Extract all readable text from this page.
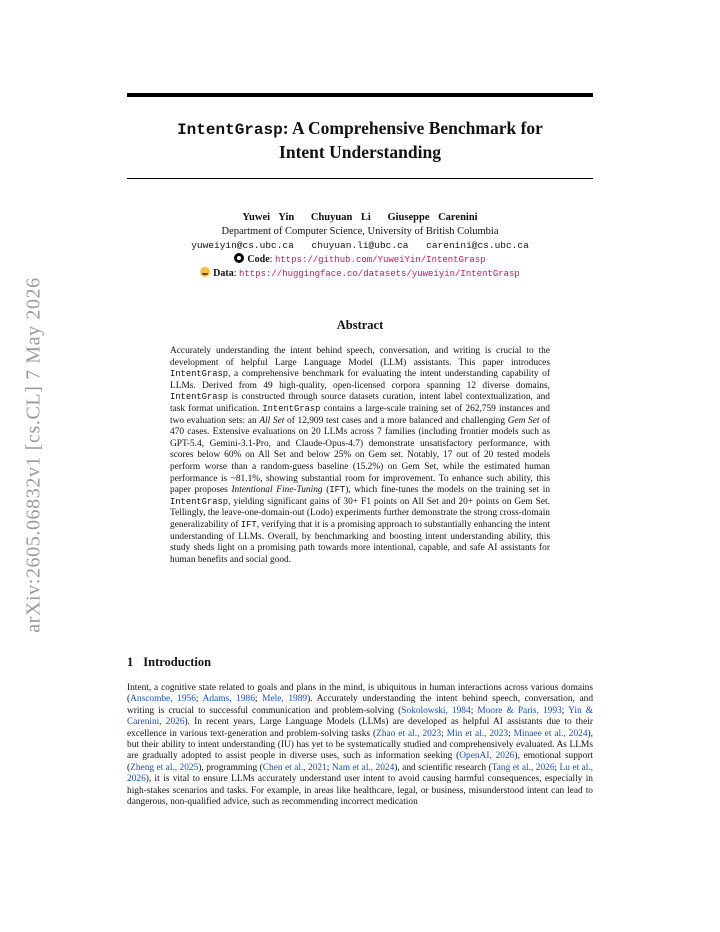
arXiv:2605.06832v1 [cs.CL] 7 May 2026
IntentGrasp: A Comprehensive Benchmark for
Intent Understanding
Yuwei Yin Chuyuan Li Giuseppe Carenini
Department of Computer Science, University of British Columbia
yuweiyin@cs.ubc.ca chuyuan.li@ubc.ca carenini@cs.ubc.ca
Code: https://github.com/YuweiYin/IntentGrasp
Data: https://huggingface.co/datasets/yuweiyin/IntentGrasp
Abstract

Accurately understanding the intent behind speech, conversation, and writing is crucial to the development of helpful Large Language Model (LLM) assistants. This paper introduces IntentGrasp, a comprehensive benchmark for evaluating the intent understanding capability of LLMs. Derived from 49 high-quality, open-licensed corpora spanning 12 diverse domains, IntentGrasp is constructed through source datasets curation, intent label contextualization, and task format unification. IntentGrasp contains a large-scale training set of 262,759 instances and two evaluation sets: an All Set of 12,909 test cases and a more balanced and challenging Gem Set of 470 cases. Extensive evaluations on 20 LLMs across 7 families (including frontier models such as GPT-5.4, Gemini-3.1-Pro, and Claude-Opus-4.7) demonstrate unsatisfactory performance, with scores below 60% on All Set and below 25% on Gem set. Notably, 17 out of 20 tested models perform worse than a random-guess baseline (15.2%) on Gem Set, while the estimated human performance is ~81.1%, showing substantial room for improvement. To enhance such ability, this paper proposes Intentional Fine-Tuning (IFT), which fine-tunes the models on the training set in IntentGrasp, yielding significant gains of 30+ F1 points on All Set and 20+ points on Gem Set. Tellingly, the leave-one-domain-out (Lodo) experiments further demonstrate the strong cross-domain generalizability of IFT, verifying that it is a promising approach to substantially enhancing the intent understanding of LLMs. Overall, by benchmarking and boosting intent understanding ability, this study sheds light on a promising path towards more intentional, capable, and safe AI assistants for human benefits and social good.

1 Introduction

Intent, a cognitive state related to goals and plans in the mind, is ubiquitous in human interactions across various domains (Anscombe, 1956; Adams, 1986; Mele, 1989). Accurately understanding the intent behind speech, conversation, and writing is crucial to successful communication and problem-solving (Sokolowski, 1984; Moore & Paris, 1993; Yin & Carenini, 2026). In recent years, Large Language Models (LLMs) are developed as helpful AI assistants due to their excellence in various text-generation and problem-solving tasks (Zhao et al., 2023; Min et al., 2023; Minaee et al., 2024), but their ability to intent understanding (IU) has yet to be systematically studied and comprehensively evaluated. As LLMs are gradually adopted to assist people in diverse uses, such as information seeking (OpenAI, 2026), emotional support (Zheng et al., 2025), programming (Chen et al., 2021; Nam et al., 2024), and scientific research (Tang et al., 2026; Lu et al., 2026), it is vital to ensure LLMs accurately understand user intent to avoid causing harmful consequences, especially in high-stakes scenarios and tasks. For example, in areas like healthcare, legal, or business, misunderstood intent can lead to dangerous, non-qualified advice, such as recommending incorrect medication
